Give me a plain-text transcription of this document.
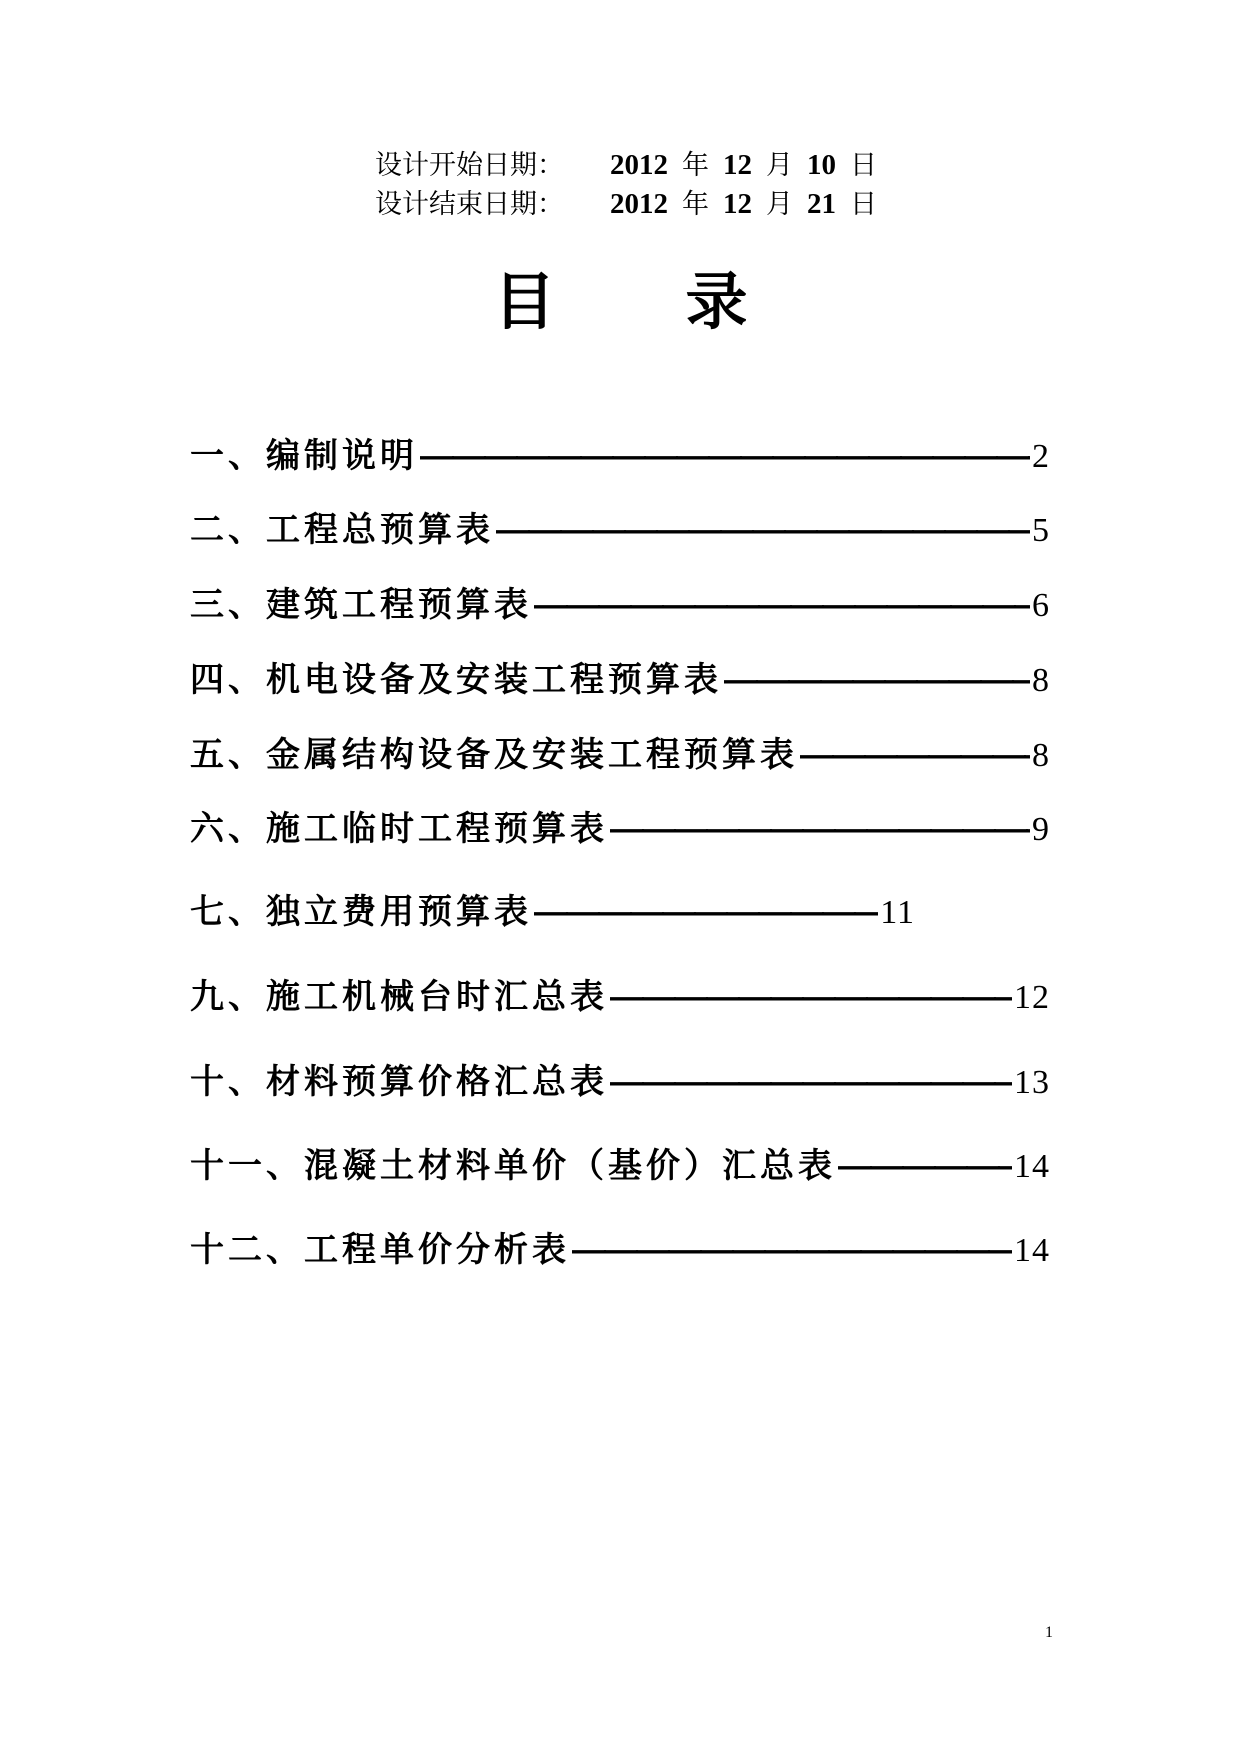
设计开始日期：	2012 年 12 月 10 日
设计结束日期：	2012 年 12 月 21 日
目 录
一、编制说明 —————	2
二、工程总预算表 —————	5
三、建筑工程预算表 —————	6
四、机电设备及安装工程预算表 —————	8
五、金属结构设备及安装工程预算表 —————	8
六、施工临时工程预算表 —————	9
七、独立费用预算表 —————	11
九、施工机械台时汇总表 —————	12
十、材料预算价格汇总表 —————	13
十一、混凝土材料单价（基价）汇总表 —————	14
十二、工程单价分析表 —————	14
1
